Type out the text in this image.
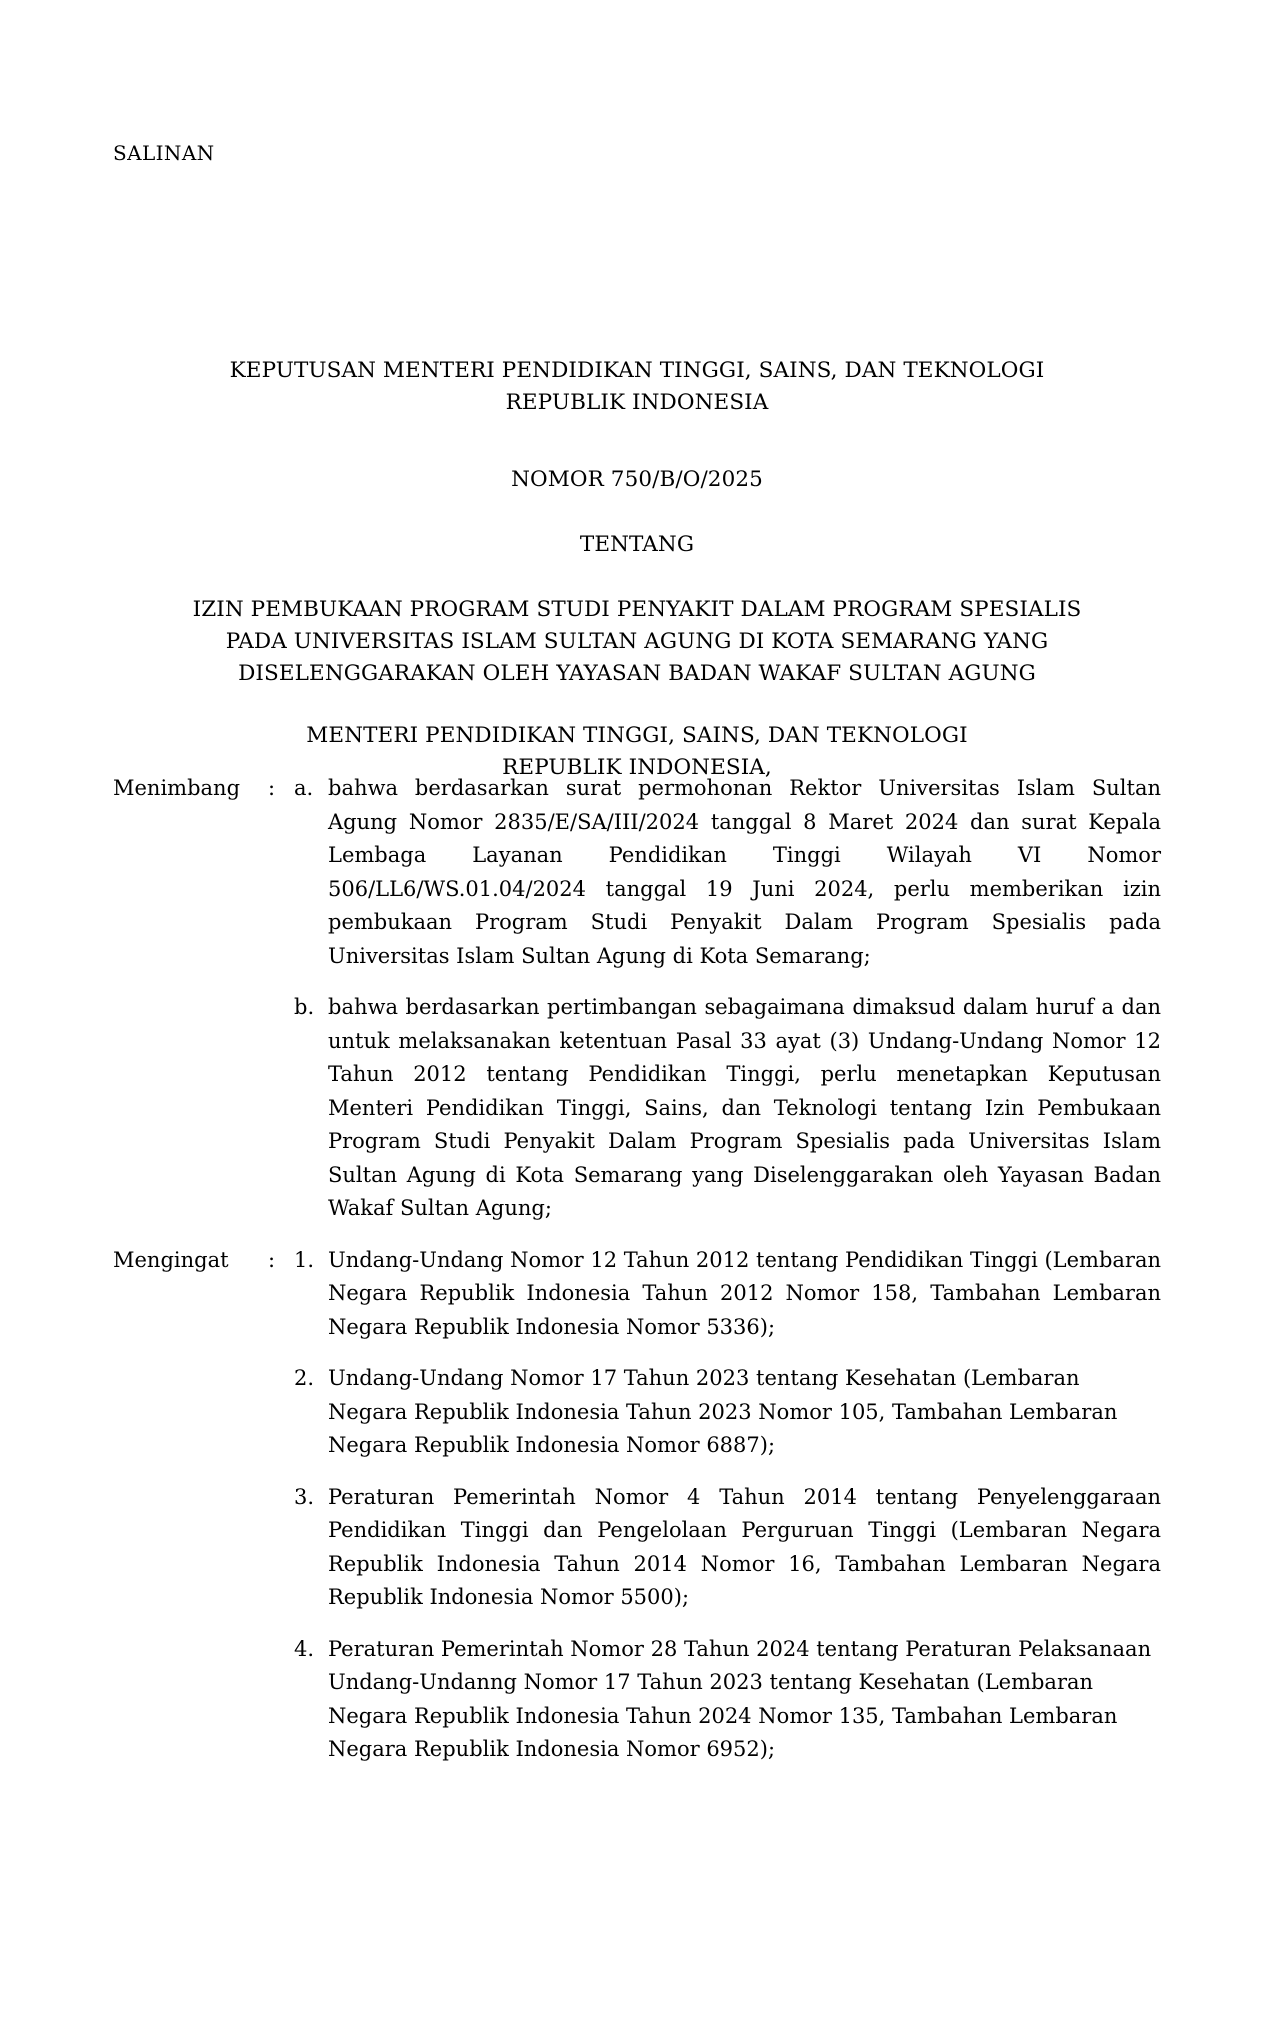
SALINAN
KEPUTUSAN MENTERI PENDIDIKAN TINGGI, SAINS, DAN TEKNOLOGI
REPUBLIK INDONESIA
NOMOR 750/B/O/2025
TENTANG
IZIN PEMBUKAAN PROGRAM STUDI PENYAKIT DALAM PROGRAM SPESIALIS
PADA UNIVERSITAS ISLAM SULTAN AGUNG DI KOTA SEMARANG YANG
DISELENGGARAKAN OLEH YAYASAN BADAN WAKAF SULTAN AGUNG
MENTERI PENDIDIKAN TINGGI, SAINS, DAN TEKNOLOGI
REPUBLIK INDONESIA,
Menimbang	: a. bahwa berdasarkan surat permohonan Rektor Universitas Islam Sultan Agung Nomor 2835/E/SA/III/2024 tanggal 8 Maret 2024 dan surat Kepala Lembaga Layanan Pendidikan Tinggi Wilayah VI Nomor 506/LL6/WS.01.04/2024 tanggal 19 Juni 2024, perlu memberikan izin pembukaan Program Studi Penyakit Dalam Program Spesialis pada Universitas Islam Sultan Agung di Kota Semarang;
b. bahwa berdasarkan pertimbangan sebagaimana dimaksud dalam huruf a dan untuk melaksanakan ketentuan Pasal 33 ayat (3) Undang-Undang Nomor 12 Tahun 2012 tentang Pendidikan Tinggi, perlu menetapkan Keputusan Menteri Pendidikan Tinggi, Sains, dan Teknologi tentang Izin Pembukaan Program Studi Penyakit Dalam Program Spesialis pada Universitas Islam Sultan Agung di Kota Semarang yang Diselenggarakan oleh Yayasan Badan Wakaf Sultan Agung;
Mengingat	: 1. Undang-Undang Nomor 12 Tahun 2012 tentang Pendidikan Tinggi (Lembaran Negara Republik Indonesia Tahun 2012 Nomor 158, Tambahan Lembaran Negara Republik Indonesia Nomor 5336);
2. Undang-Undang Nomor 17 Tahun 2023 tentang Kesehatan (Lembaran Negara Republik Indonesia Tahun 2023 Nomor 105, Tambahan Lembaran Negara Republik Indonesia Nomor 6887);
3. Peraturan Pemerintah Nomor 4 Tahun 2014 tentang Penyelenggaraan Pendidikan Tinggi dan Pengelolaan Perguruan Tinggi (Lembaran Negara Republik Indonesia Tahun 2014 Nomor 16, Tambahan Lembaran Negara Republik Indonesia Nomor 5500);
4. Peraturan Pemerintah Nomor 28 Tahun 2024 tentang Peraturan Pelaksanaan Undang-Undanng Nomor 17 Tahun 2023 tentang Kesehatan (Lembaran Negara Republik Indonesia Tahun 2024 Nomor 135, Tambahan Lembaran Negara Republik Indonesia Nomor 6952);
